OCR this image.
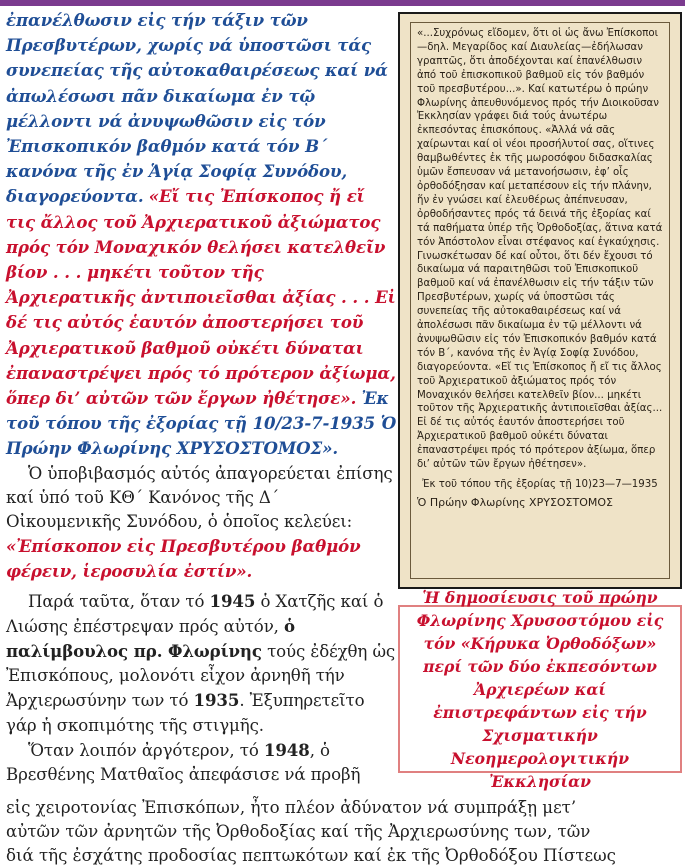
ἐπανέλθωσιν εἰς τήν τάξιν τῶν Πρεσβυτέρων, χωρίς νά ὑποστῶσι τάς συνεπείας τῆς αὐτοκαθαιρέσεως καί νά ἀπωλέσωσι πᾶν δικαίωμα ἐν τῷ μέλλοντι νά ἀνυψωθῶσιν εἰς τόν Ἐπισκοπικόν βαθμόν κατά τόν Β΄ κανόνα τῆς ἐν Ἁγίᾳ Σοφίᾳ Συνόδου, διαγορεύοντα. «Εἴ τις Ἐπίσκοπος ἤ εἴ τις ἄλλος τοῦ Ἀρχιερατικοῦ ἀξιώματος πρός τόν Μοναχικόν θελήσει κατελθεῖν βίον . . . μηκέτι τοῦτον τῆς Ἀρχιερατικῆς ἀντιποιεῖσθαι ἀξίας . . . Εἰ δέ τις αὐτός ἑαυτόν ἀποστερήσει τοῦ Ἀρχιερατικοῦ βαθμοῦ οὐκέτι δύναται ἐπαναστρέψει πρός τό πρότερον ἀξίωμα, ὅπερ δι’ αὐτῶν τῶν ἔργων ἠθέτησε». Ἐκ τοῦ τόπου τῆς ἐξορίας τῇ 10/23-7-1935 Ὁ Πρώην Φλωρίνης ΧΡΥΣΟΣΤΟΜΟΣ».

Ὁ ὑποβιβασμός αὐτός ἀπαγορεύεται ἐπίσης καί ὑπό τοῦ ΚΘ΄ Κανόνος τῆς Δ΄ Οἰκουμενικῆς Συνόδου, ὁ ὁποῖος κελεύει: «Ἐπίσκοπον εἰς Πρεσβυτέρου βαθμόν φέρειν, ἱεροσυλία ἐστίν».

Παρά ταῦτα, ὅταν τό 1945 ὁ Χατζῆς καί ὁ Λιώσης ἐπέστρεψαν πρός αὐτόν, ὁ παλίμβουλος πρ. Φλωρίνης τούς ἐδέχθη ὡς Ἐπισκόπους, μολονότι εἶχον ἀρνηθῆ τήν Ἀρχιερωσύνην των τό 1935. Ἐξυπηρετεῖτο γάρ ἡ σκοπιμότης τῆς στιγμῆς.

Ὅταν λοιπόν ἀργότερον, τό 1948, ὁ Βρεσθένης Ματθαῖος ἀπεφάσισε νά προβῆ

εἰς χειροτονίας Ἐπισκόπων, ἦτο πλέον ἀδύνατον νά συμπράξῃ μετ’

αὐτῶν τῶν ἀρνητῶν τῆς Ὀρθοδοξίας καί τῆς Ἀρχιερωσύνης των, τῶν

διά τῆς ἐσχάτης προδοσίας πεπτωκότων καί ἐκ τῆς Ὀρθοδόξου Πίστεως

«...Συχρόνως εἴδομεν, ὅτι οἱ ὡς ἄνω Ἐπίσκοποι—δηλ. Μεγαρίδος καί Διαυλείας—ἐδήλωσαν γραπτῶς, ὅτι ἀποδέχονται καί ἐπανέλθωσιν ἀπό τοῦ ἐπισκοπικοῦ βαθμοῦ εἰς τόν βαθμόν τοῦ πρεσβυτέρου...». Καί κατωτέρω ὁ πρώην Φλωρίνης ἀπευθυνόμενος πρός τήν Διοικοῦσαν Ἐκκλησίαν γράφει διά τούς ἀνωτέρω ἐκπεσόντας ἐπισκόπους. «Ἀλλά νά σᾶς χαίρωνται καί οἱ νέοι προσήλυτοί σας, οἵτινες θαμβωθέντες ἐκ τῆς μωροσόφου διδασκαλίας ὑμῶν ἔσπευσαν νά μετανοήσωσιν, ἐφ’ οἷς ὀρθοδόξησαν καί μεταπέσουν εἰς τήν πλάνην, ἥν ἐν γνώσει καί ἐλευθέρως ἀπέπνευσαν, ὀρθοδήσαντες πρός τά δεινά τῆς ἐξορίας καί τά παθήματα ὑπέρ τῆς Ὀρθοδοξίας, ἅτινα κατά τόν Ἀπόστολον εἶναι στέφανος καί ἐγκαύχησις. Γινωσκέτωσαν δέ καί οὗτοι, ὅτι δέν ἔχουσι τό δικαίωμα νά παραιτηθῶσι τοῦ Ἐπισκοπικοῦ βαθμοῦ καί νά ἐπανέλθωσιν εἰς τήν τάξιν τῶν Πρεσβυτέρων, χωρίς νά ὑποστῶσι τάς συνεπείας τῆς αὐτοκαθαιρέσεως καί νά ἀπολέσωσι πᾶν δικαίωμα ἐν τῷ μέλλοντι νά ἀνυψωθῶσιν εἰς τόν Ἐπισκοπικόν βαθμόν κατά τόν Β΄, κανόνα τῆς ἐν Ἁγίᾳ Σοφίᾳ Συνόδου, διαγορεύοντα. «Εἴ τις Ἐπίσκοπος ἤ εἴ τις ἄλλος τοῦ Ἀρχιερατικοῦ ἀξιώματος πρός τόν Μοναχικόν θελήσει κατελθεῖν βίον... μηκέτι τοῦτον τῆς Ἀρχιερατικῆς ἀντιποιεῖσθαι ἀξίας... Εἰ δέ τις αὐτός ἑαυτόν ἀποστερήσει τοῦ Ἀρχιερατικοῦ βαθμοῦ οὐκέτι δύναται ἐπαναστρέψει πρός τό πρότερον ἀξίωμα, ὅπερ δι’ αὐτῶν τῶν ἔργων ἠθέτησεν».

Ἐκ τοῦ τόπου τῆς ἐξορίας τῇ 10)23—7—1935

Ὁ Πρώην Φλωρίνης ΧΡΥΣΟΣΤΟΜΟΣ

Ἡ δημοσίευσις τοῦ πρώην Φλωρίνης Χρυσοστόμου εἰς τόν «Κήρυκα Ὀρθοδόξων» περί τῶν δύο ἐκπεσόντων Ἀρχιερέων καί ἐπιστρεφάντων εἰς τήν Σχισματικήν Νεοημερολογιτικήν Ἐκκλησίαν
